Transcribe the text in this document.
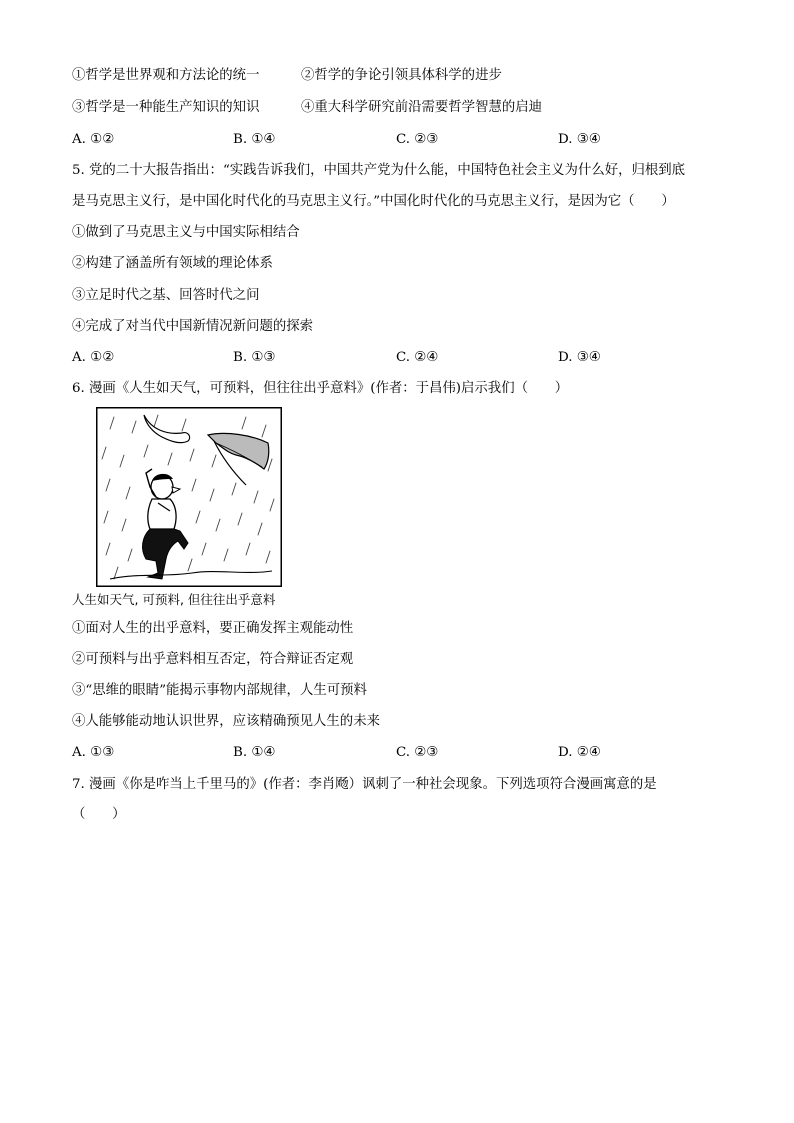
①哲学是世界观和方法论的统一	②哲学的争论引领具体科学的进步
③哲学是一种能生产知识的知识	④重大科学研究前沿需要哲学智慧的启迪
A. ①②	B. ①④	C. ②③	D. ③④
5. 党的二十大报告指出：“实践告诉我们，中国共产党为什么能，中国特色社会主义为什么好，归根到底
是马克思主义行，是中国化时代化的马克思主义行。”中国化时代化的马克思主义行，是因为它（　　）
①做到了马克思主义与中国实际相结合
②构建了涵盖所有领域的理论体系
③立足时代之基、回答时代之问
④完成了对当代中国新情况新问题的探索
A. ①②	B. ①③	C. ②④	D. ③④
6. 漫画《人生如天气，可预料，但往往出乎意料》(作者：于昌伟)启示我们（　　）
人生如天气, 可预料, 但往往出乎意料
①面对人生的出乎意料，要正确发挥主观能动性
②可预料与出乎意料相互否定，符合辩证否定观
③“思维的眼睛”能揭示事物内部规律，人生可预料
④人能够能动地认识世界，应该精确预见人生的未来
A. ①③	B. ①④	C. ②③	D. ②④
7. 漫画《你是咋当上千里马的》(作者：李肖飏）讽刺了一种社会现象。下列选项符合漫画寓意的是
（　　）
